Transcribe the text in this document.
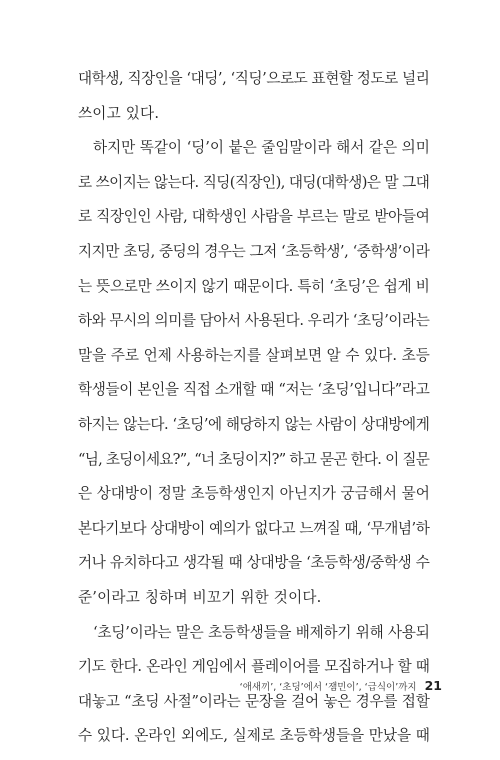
대학생, 직장인을 ‘대딩’, ‘직딩’으로도 표현할 정도로 널리
쓰이고 있다.
하지만 똑같이 ‘딩’이 붙은 줄임말이라 해서 같은 의미
로 쓰이지는 않는다. 직딩(직장인), 대딩(대학생)은 말 그대
로 직장인인 사람, 대학생인 사람을 부르는 말로 받아들여
지지만 초딩, 중딩의 경우는 그저 ‘초등학생’, ‘중학생’이라
는 뜻으로만 쓰이지 않기 때문이다. 특히 ‘초딩’은 쉽게 비
하와 무시의 의미를 담아서 사용된다. 우리가 ‘초딩’이라는
말을 주로 언제 사용하는지를 살펴보면 알 수 있다. 초등
학생들이 본인을 직접 소개할 때 “저는 ‘초딩’입니다”라고
하지는 않는다. ‘초딩’에 해당하지 않는 사람이 상대방에게
“님, 초딩이세요?”, “너 초딩이지?” 하고 묻곤 한다. 이 질문
은 상대방이 정말 초등학생인지 아닌지가 궁금해서 물어
본다기보다 상대방이 예의가 없다고 느껴질 때, ‘무개념’하
거나 유치하다고 생각될 때 상대방을 ‘초등학생/중학생 수
준’이라고 칭하며 비꼬기 위한 것이다.
‘초딩’이라는 말은 초등학생들을 배제하기 위해 사용되
기도 한다. 온라인 게임에서 플레이어를 모집하거나 할 때
대놓고 “초딩 사절”이라는 문장을 걸어 놓은 경우를 접할
수 있다. 온라인 외에도, 실제로 초등학생들을 만났을 때
‘애새끼’, ‘초딩’에서 ‘잼민이’, ‘급식이’까지 21
